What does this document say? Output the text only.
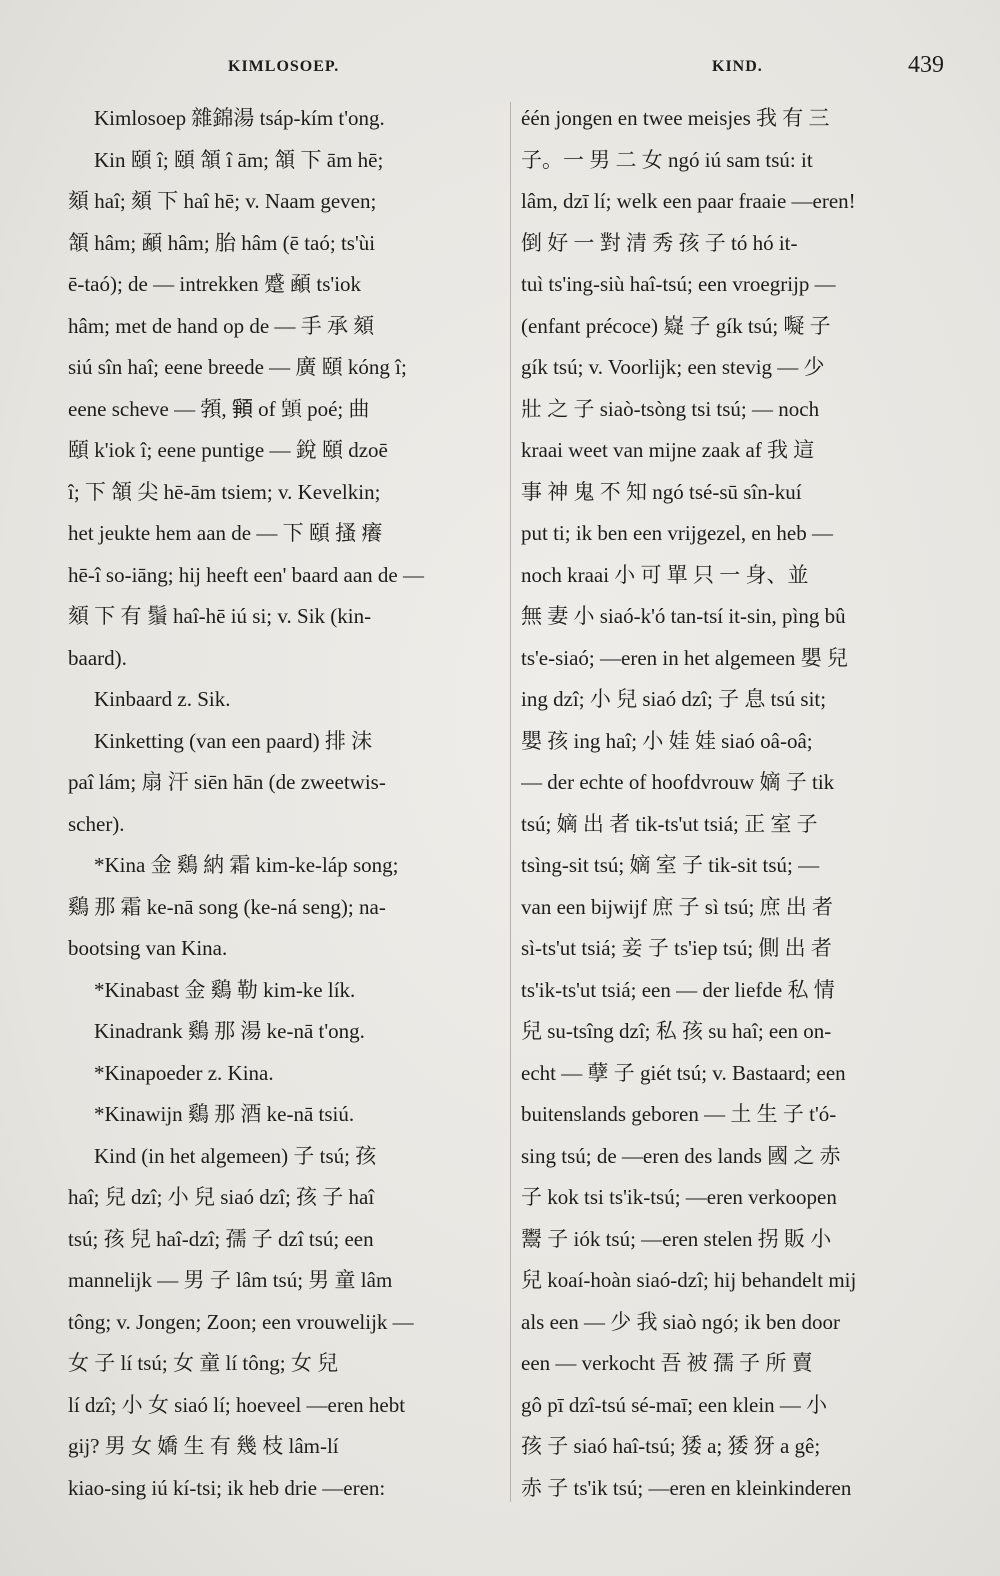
KIMLOSOEP.	KIND.	439
Kimlosoep 雜錦湯 tsáp-kím t'ong.
Kin 頤 î; 頤 頷 î ām; 頷 下 ām hē;
頦 haî; 頦 下 haî hē; v. Naam geven;
頷 hâm; 顄 hâm; 胎 hâm (ē taó; ts'ùi
ē-taó); de — intrekken 蹙 顄 ts'iok
hâm; met de hand op de — 手 承 頦
siú sîn haî; eene breede — 廣 頤 kóng î;
eene scheve — 𩓐, 𩓞 of 𩔇 poé; 曲
頤 k'iok î; eene puntige — 銳 頤 dzoē
î; 下 頷 尖 hē-ām tsiem; v. Kevelkin;
het jeukte hem aan de — 下 頤 搔 癢
hē-î so-iāng; hij heeft een' baard aan de —
頦 下 有 鬚 haî-hē iú si; v. Sik (kin-
baard).
Kinbaard z. Sik.
Kinketting (van een paard) 排 沫
paî lám; 扇 汗 siēn hān (de zweetwis-
scher).
*Kina 金 鷄 納 霜 kim-ke-láp song;
鷄 那 霜 ke-nā song (ke-ná seng); na-
bootsing van Kina.
*Kinabast 金 鷄 勒 kim-ke lík.
Kinadrank 鷄 那 湯 ke-nā t'ong.
*Kinapoeder z. Kina.
*Kinawijn 鷄 那 酒 ke-nā tsiú.
Kind (in het algemeen) 子 tsú; 孩
haî; 兒 dzî; 小 兒 siaó dzî; 孩 子 haî
tsú; 孩 兒 haî-dzî; 孺 子 dzî tsú; een
mannelijk — 男 子 lâm tsú; 男 童 lâm
tông; v. Jongen; Zoon; een vrouwelijk —
女 子 lí tsú; 女 童 lí tông; 女 兒
lí dzî; 小 女 siaó lí; hoeveel —eren hebt
gij? 男 女 嬌 生 有 幾 枝 lâm-lí
kiao-sing iú kí-tsi; ik heb drie —eren:
één jongen en twee meisjes 我 有 三
子。一 男 二 女 ngó iú sam tsú: it
lâm, dzī lí; welk een paar fraaie —eren!
倒 好 一 對 清 秀 孩 子 tó hó it-
tuì ts'ing-siù haî-tsú; een vroegrijp —
(enfant précoce) 嶷 子 gík tsú; 㘈 子
gík tsú; v. Voorlijk; een stevig — 少
壯 之 子 siaò-tsòng tsi tsú; — noch
kraai weet van mijne zaak af 我 這
事 神 鬼 不 知 ngó tsé-sū sîn-kuí
put ti; ik ben een vrijgezel, en heb —
noch kraai 小 可 單 只 一 身、並
無 妻 小 siaó-k'ó tan-tsí it-sin, pìng bû
ts'e-siaó; —eren in het algemeen 嬰 兒
ing dzî; 小 兒 siaó dzî; 子 息 tsú sit;
嬰 孩 ing haî; 小 娃 娃 siaó oâ-oâ;
— der echte of hoofdvrouw 嫡 子 tik
tsú; 嫡 出 者 tik-ts'ut tsiá; 正 室 子
tsìng-sit tsú; 嫡 室 子 tik-sit tsú; —
van een bijwijf 庶 子 sì tsú; 庶 出 者
sì-ts'ut tsiá; 妾 子 ts'iep tsú; 側 出 者
ts'ik-ts'ut tsiá; een — der liefde 私 情
兒 su-tsîng dzî; 私 孩 su haî; een on-
echt — 孽 子 giét tsú; v. Bastaard; een
buitenslands geboren — 土 生 子 t'ó-
sing tsú; de —eren des lands 國 之 赤
子 kok tsi ts'ik-tsú; —eren verkoopen
鬻 子 iók tsú; —eren stelen 拐 販 小
兒 koaí-hoàn siaó-dzî; hij behandelt mij
als een — 少 我 siaò ngó; ik ben door
een — verkocht 吾 被 孺 子 所 賣
gô pī dzî-tsú sé-maī; een klein — 小
孩 子 siaó haî-tsú; 㹻 a; 㹻 犽 a gê;
赤 子 ts'ik tsú; —eren en kleinkinderen
